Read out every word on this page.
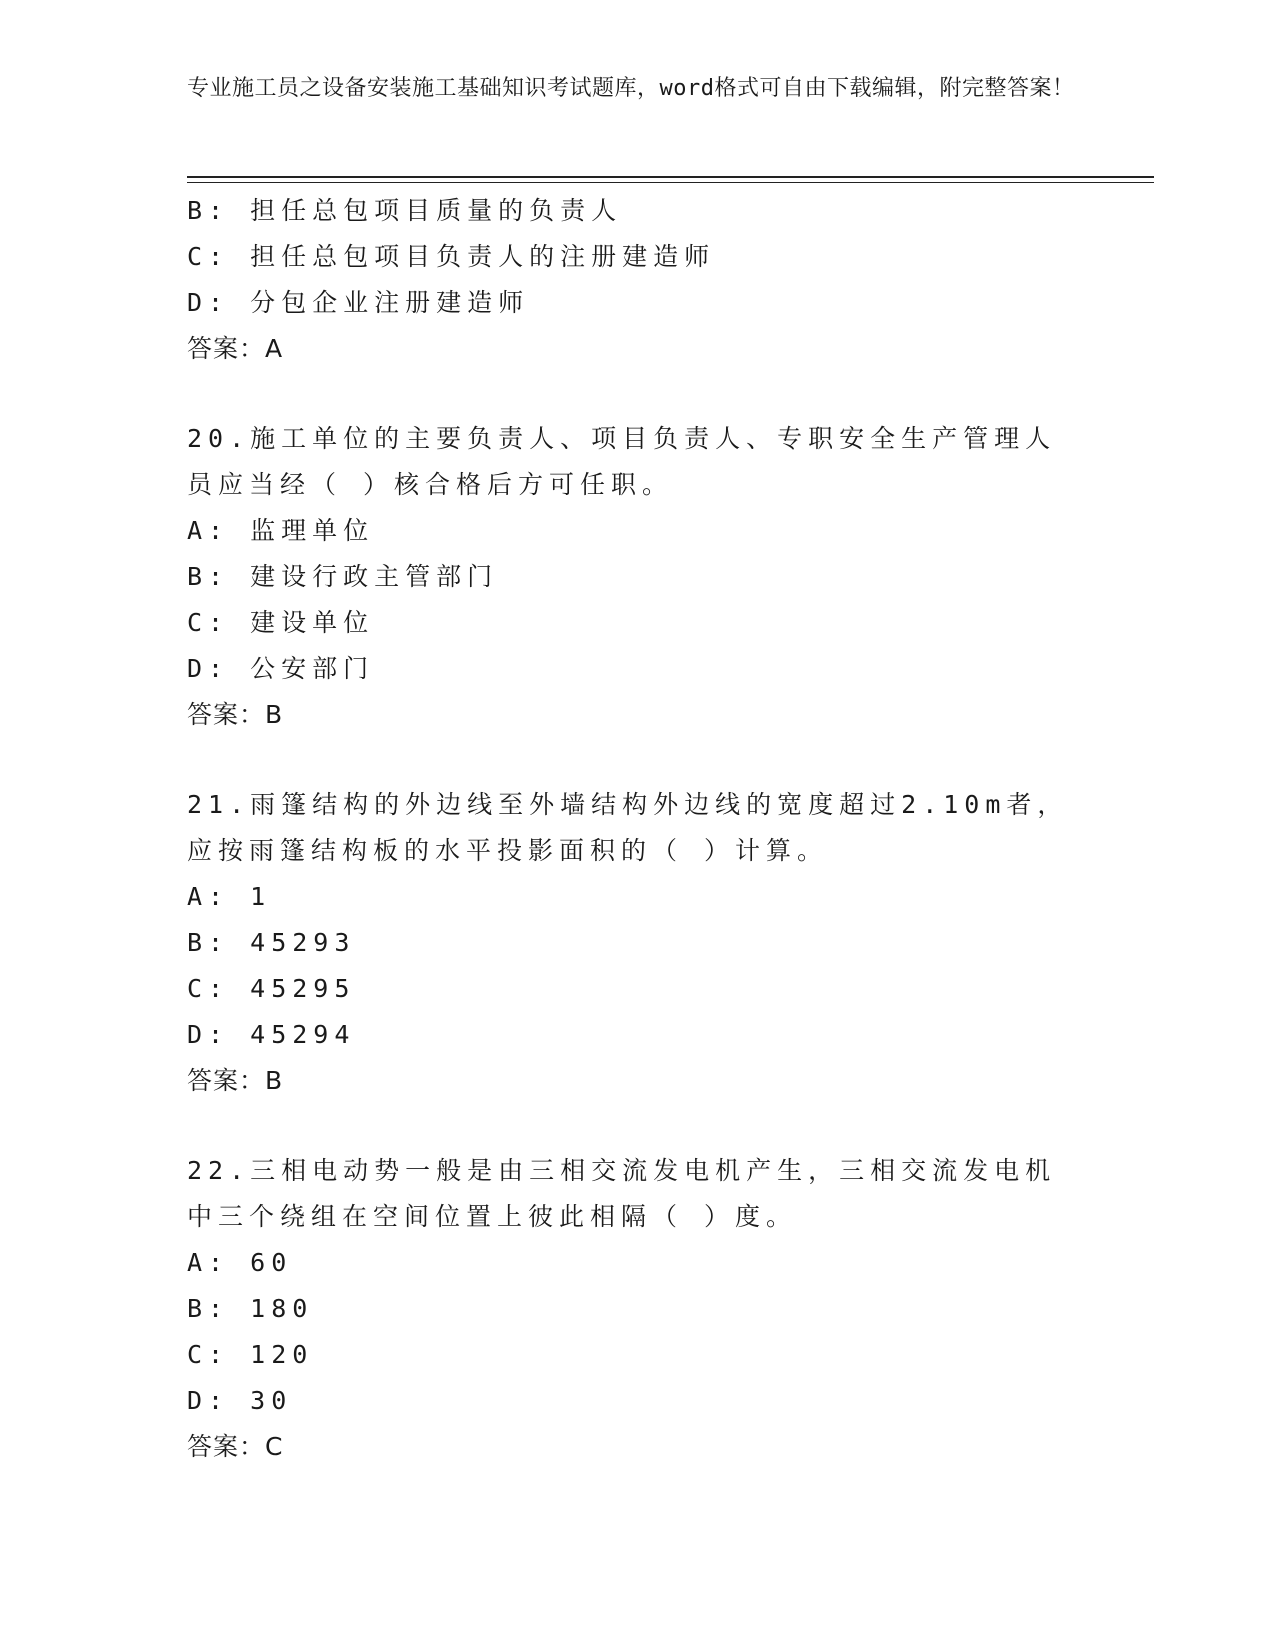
专业施工员之设备安装施工基础知识考试题库，word格式可自由下载编辑，附完整答案！
B: 担任总包项目质量的负责人
C: 担任总包项目负责人的注册建造师
D: 分包企业注册建造师
答案：A
20.施工单位的主要负责人、项目负责人、专职安全生产管理人员应当经（ ）核合格后方可任职。
A: 监理单位
B: 建设行政主管部门
C: 建设单位
D: 公安部门
答案：B
21.雨篷结构的外边线至外墙结构外边线的宽度超过2.10m者，应按雨篷结构板的水平投影面积的（ ）计算。
A: 1
B: 45293
C: 45295
D: 45294
答案：B
22.三相电动势一般是由三相交流发电机产生，三相交流发电机中三个绕组在空间位置上彼此相隔（ ）度。
A: 60
B: 180
C: 120
D: 30
答案：C
